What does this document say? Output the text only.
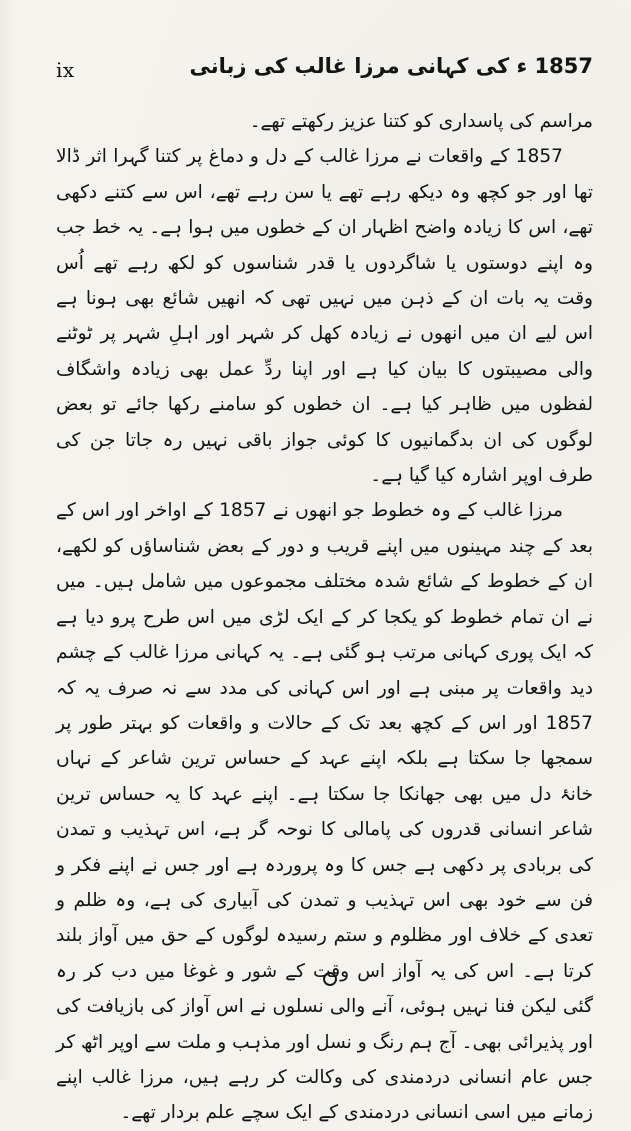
ix	1857 ء کی کہانی مرزا غالب کی زبانی

مراسم کی پاسداری کو کتنا عزیز رکھتے تھے۔

1857 کے واقعات نے مرزا غالب کے دل و دماغ پر کتنا گہرا اثر ڈالا تھا اور جو کچھ وہ دیکھ رہے تھے یا سن رہے تھے، اس سے کتنے دکھی تھے، اس کا زیادہ واضح اظہار ان کے خطوں میں ہوا ہے۔ یہ خط جب وہ اپنے دوستوں یا شاگردوں یا قدر شناسوں کو لکھ رہے تھے اُس وقت یہ بات ان کے ذہن میں نہیں تھی کہ انھیں شائع بھی ہونا ہے اس لیے ان میں انھوں نے زیادہ کھل کر شہر اور اہلِ شہر پر ٹوٹنے والی مصیبتوں کا بیان کیا ہے اور اپنا ردِّ عمل بھی زیادہ واشگاف لفظوں میں ظاہر کیا ہے۔ ان خطوں کو سامنے رکھا جائے تو بعض لوگوں کی ان بدگمانیوں کا کوئی جواز باقی نہیں رہ جاتا جن کی طرف اوپر اشارہ کیا گیا ہے۔

مرزا غالب کے وہ خطوط جو انھوں نے 1857 کے اواخر اور اس کے بعد کے چند مہینوں میں اپنے قریب و دور کے بعض شناساؤں کو لکھے، ان کے خطوط کے شائع شدہ مختلف مجموعوں میں شامل ہیں۔ میں نے ان تمام خطوط کو یکجا کر کے ایک لڑی میں اس طرح پرو دیا ہے کہ ایک پوری کہانی مرتب ہو گئی ہے۔ یہ کہانی مرزا غالب کے چشم دید واقعات پر مبنی ہے اور اس کہانی کی مدد سے نہ صرف یہ کہ 1857 اور اس کے کچھ بعد تک کے حالات و واقعات کو بہتر طور پر سمجھا جا سکتا ہے بلکہ اپنے عہد کے حساس ترین شاعر کے نہاں خانۂ دل میں بھی جھانکا جا سکتا ہے۔ اپنے عہد کا یہ حساس ترین شاعر انسانی قدروں کی پامالی کا نوحہ گر ہے، اس تہذیب و تمدن کی بربادی پر دکھی ہے جس کا وہ پروردہ ہے اور جس نے اپنے فکر و فن سے خود بھی اس تہذیب و تمدن کی آبیاری کی ہے، وہ ظلم و تعدی کے خلاف اور مظلوم و ستم رسیدہ لوگوں کے حق میں آواز بلند کرتا ہے۔ اس کی یہ آواز اس وقت کے شور و غوغا میں دب کر رہ گئی لیکن فنا نہیں ہوئی، آنے والی نسلوں نے اس آواز کی بازیافت کی اور پذیرائی بھی۔ آج ہم رنگ و نسل اور مذہب و ملت سے اوپر اٹھ کر جس عام انسانی دردمندی کی وکالت کر رہے ہیں، مرزا غالب اپنے زمانے میں اسی انسانی دردمندی کے ایک سچے علم بردار تھے۔
